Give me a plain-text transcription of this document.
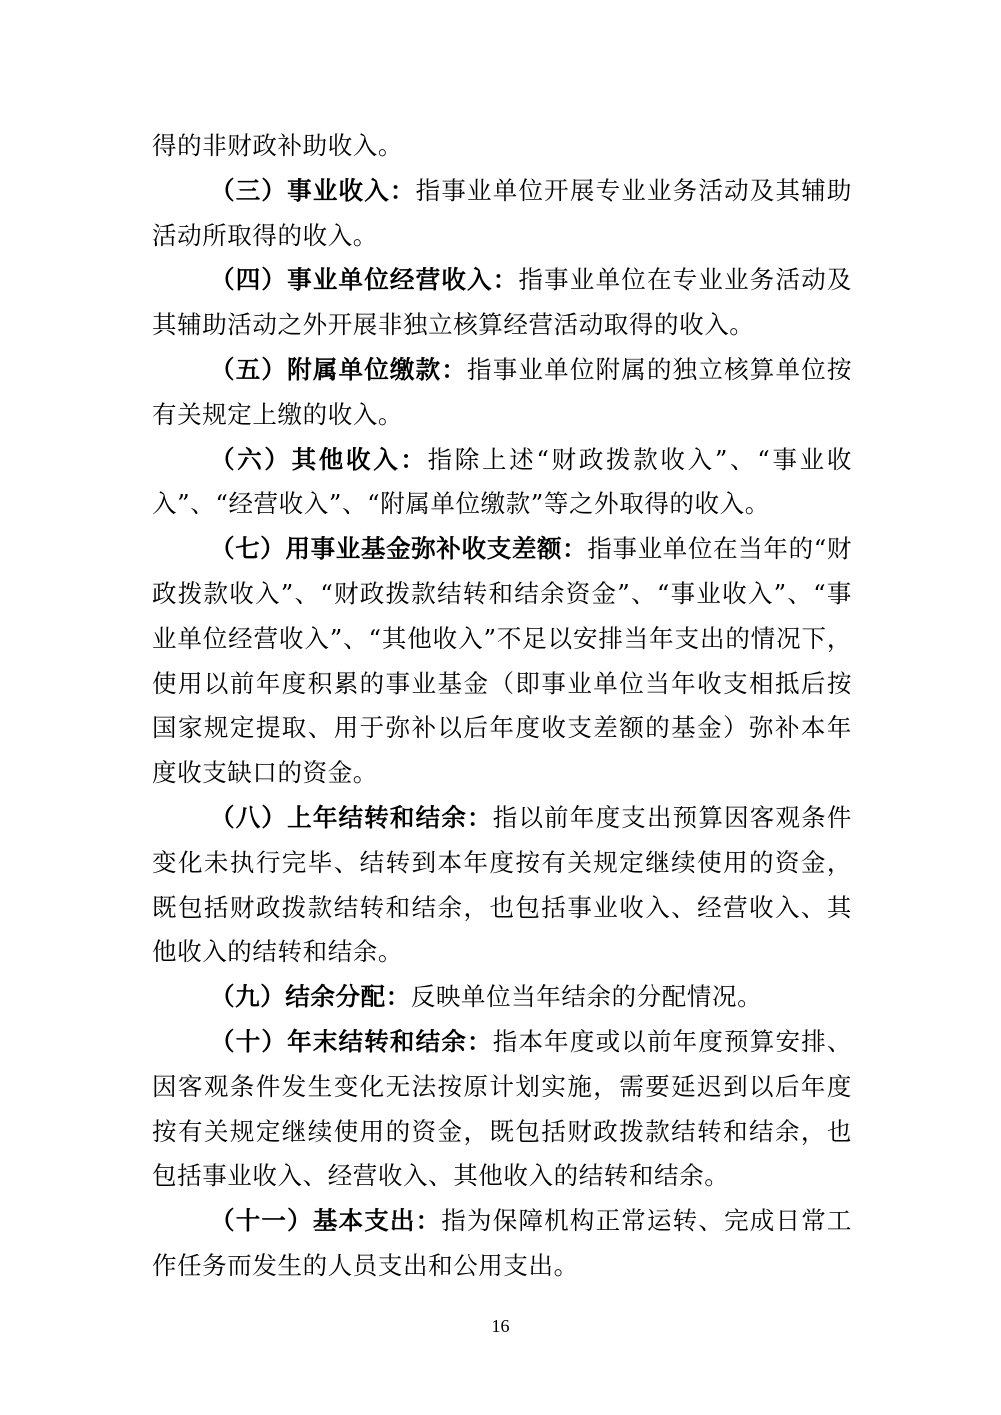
得的非财政补助收入。

（三）事业收入：指事业单位开展专业业务活动及其辅助活动所取得的收入。

（四）事业单位经营收入：指事业单位在专业业务活动及其辅助活动之外开展非独立核算经营活动取得的收入。

（五）附属单位缴款：指事业单位附属的独立核算单位按有关规定上缴的收入。

（六）其他收入：指除上述“财政拨款收入”、“事业收入”、“经营收入”、“附属单位缴款”等之外取得的收入。

（七）用事业基金弥补收支差额：指事业单位在当年的“财政拨款收入”、“财政拨款结转和结余资金”、“事业收入”、“事业单位经营收入”、“其他收入”不足以安排当年支出的情况下，使用以前年度积累的事业基金（即事业单位当年收支相抵后按国家规定提取、用于弥补以后年度收支差额的基金）弥补本年度收支缺口的资金。

（八）上年结转和结余：指以前年度支出预算因客观条件变化未执行完毕、结转到本年度按有关规定继续使用的资金，既包括财政拨款结转和结余，也包括事业收入、经营收入、其他收入的结转和结余。

（九）结余分配：反映单位当年结余的分配情况。

（十）年末结转和结余：指本年度或以前年度预算安排、因客观条件发生变化无法按原计划实施，需要延迟到以后年度按有关规定继续使用的资金，既包括财政拨款结转和结余，也包括事业收入、经营收入、其他收入的结转和结余。

（十一）基本支出：指为保障机构正常运转、完成日常工作任务而发生的人员支出和公用支出。

16
